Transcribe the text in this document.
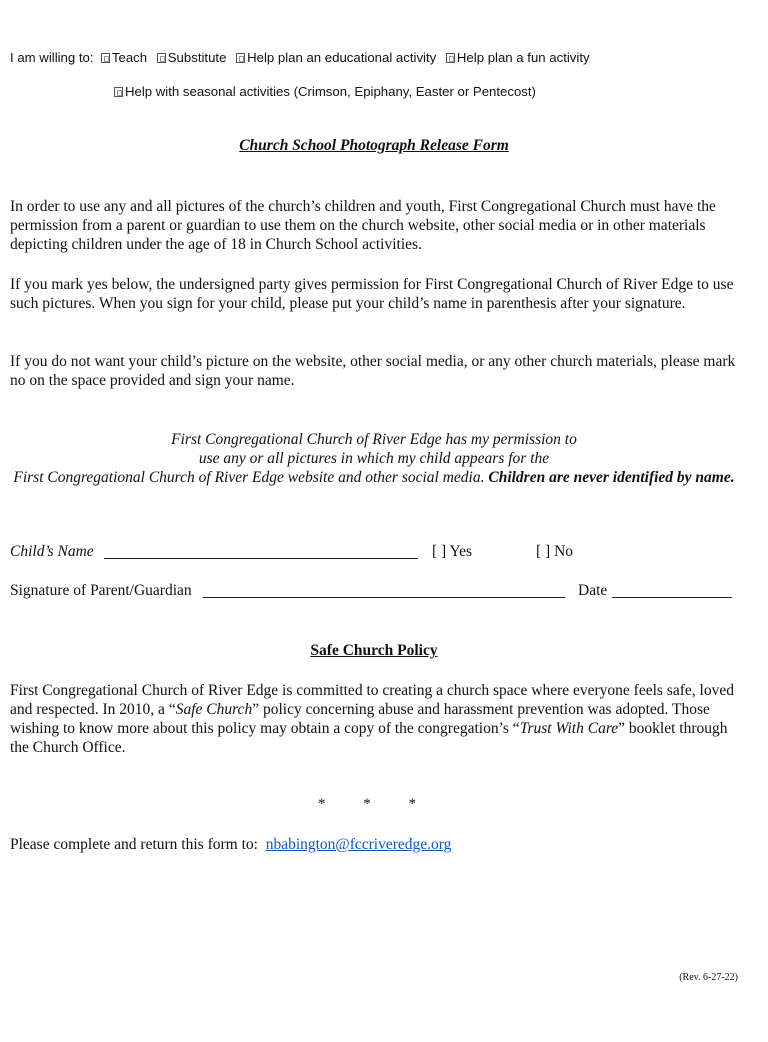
I am willing to: Teach Substitute Help plan an educational activity Help plan a fun activity
Help with seasonal activities (Crimson, Epiphany, Easter or Pentecost)
Church School Photograph Release Form
In order to use any and all pictures of the church’s children and youth, First Congregational Church must have the permission from a parent or guardian to use them on the church website, other social media or in other materials depicting children under the age of 18 in Church School activities.
If you mark yes below, the undersigned party gives permission for First Congregational Church of River Edge to use such pictures. When you sign for your child, please put your child’s name in parenthesis after your signature.
If you do not want your child’s picture on the website, other social media, or any other church materials, please mark no on the space provided and sign your name.
First Congregational Church of River Edge has my permission to
use any or all pictures in which my child appears for the
First Congregational Church of River Edge website and other social media. Children are never identified by name.
Child’s Name	[ ] Yes	[ ] No
Signature of Parent/Guardian	Date
Safe Church Policy
First Congregational Church of River Edge is committed to creating a church space where everyone feels safe, loved and respected. In 2010, a “Safe Church” policy concerning abuse and harassment prevention was adopted. Those wishing to know more about this policy may obtain a copy of the congregation’s “Trust With Care” booklet through the Church Office.
* * *
Please complete and return this form to: nbabington@fccriveredge.org
(Rev. 6-27-22)
